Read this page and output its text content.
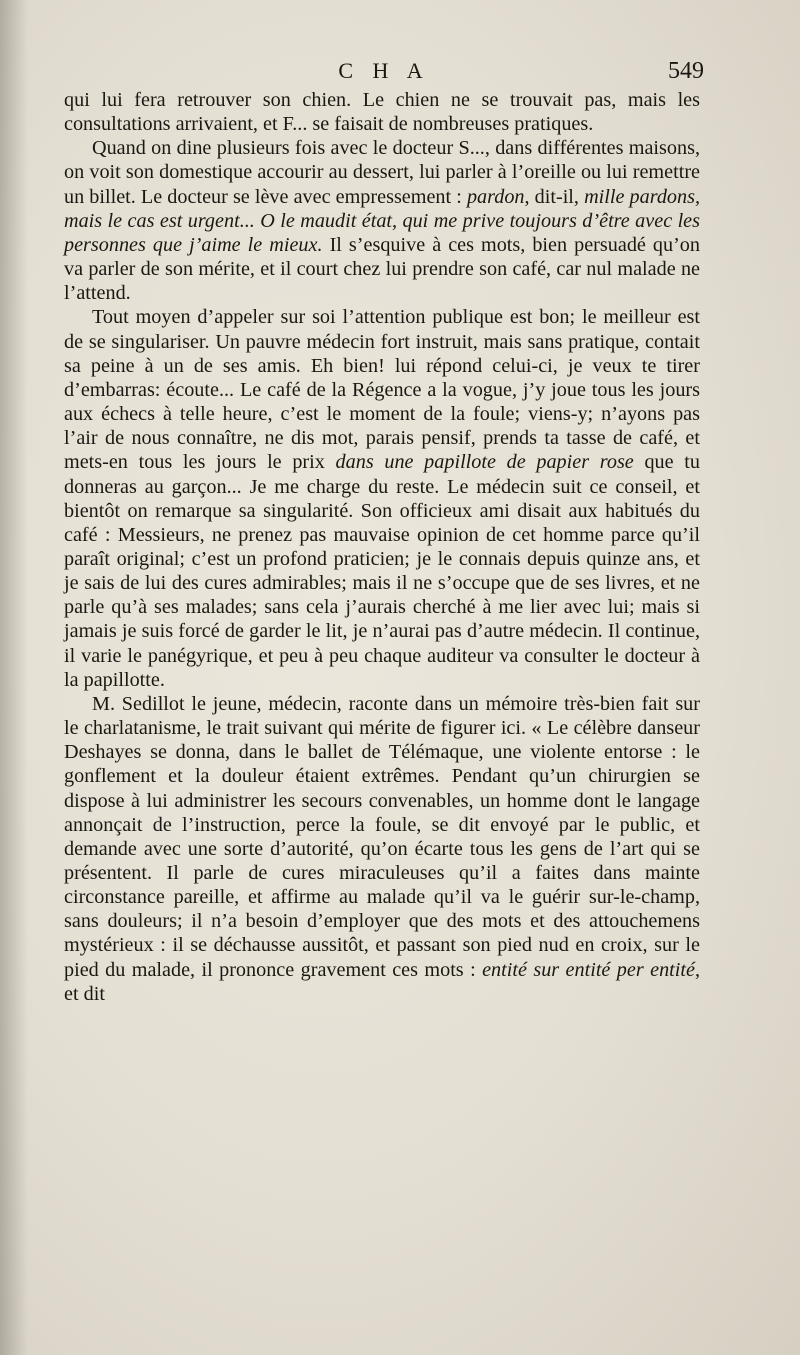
C H A	549

qui lui fera retrouver son chien. Le chien ne se trouvait pas, mais les consultations arrivaient, et F... se faisait de nombreuses pratiques.

Quand on dine plusieurs fois avec le docteur S..., dans différentes maisons, on voit son domestique accourir au dessert, lui parler à l’oreille ou lui remettre un billet. Le docteur se lève avec empressement : pardon, dit-il, mille pardons, mais le cas est urgent... O le maudit état, qui me prive toujours d’être avec les personnes que j’aime le mieux. Il s’esquive à ces mots, bien persuadé qu’on va parler de son mérite, et il court chez lui prendre son café, car nul malade ne l’attend.

Tout moyen d’appeler sur soi l’attention publique est bon; le meilleur est de se singulariser. Un pauvre médecin fort instruit, mais sans pratique, contait sa peine à un de ses amis. Eh bien! lui répond celui-ci, je veux te tirer d’embarras: écoute... Le café de la Régence a la vogue, j’y joue tous les jours aux échecs à telle heure, c’est le moment de la foule; viens-y; n’ayons pas l’air de nous connaître, ne dis mot, parais pensif, prends ta tasse de café, et mets-en tous les jours le prix dans une papillote de papier rose que tu donneras au garçon... Je me charge du reste. Le médecin suit ce conseil, et bientôt on remarque sa singularité. Son officieux ami disait aux habitués du café : Messieurs, ne prenez pas mauvaise opinion de cet homme parce qu’il paraît original; c’est un profond praticien; je le connais depuis quinze ans, et je sais de lui des cures admirables; mais il ne s’occupe que de ses livres, et ne parle qu’à ses malades; sans cela j’aurais cherché à me lier avec lui; mais si jamais je suis forcé de garder le lit, je n’aurai pas d’autre médecin. Il continue, il varie le panégyrique, et peu à peu chaque auditeur va consulter le docteur à la papillotte.

M. Sedillot le jeune, médecin, raconte dans un mémoire très-bien fait sur le charlatanisme, le trait suivant qui mérite de figurer ici. « Le célèbre danseur Deshayes se donna, dans le ballet de Télémaque, une violente entorse : le gonflement et la douleur étaient extrêmes. Pendant qu’un chirurgien se dispose à lui administrer les secours convenables, un homme dont le langage annonçait de l’instruction, perce la foule, se dit envoyé par le public, et demande avec une sorte d’autorité, qu’on écarte tous les gens de l’art qui se présentent. Il parle de cures miraculeuses qu’il a faites dans mainte circonstance pareille, et affirme au malade qu’il va le guérir sur-le-champ, sans douleurs; il n’a besoin d’employer que des mots et des attouchemens mystérieux : il se déchausse aussitôt, et passant son pied nud en croix, sur le pied du malade, il prononce gravement ces mots : entité sur entité per entité, et dit
